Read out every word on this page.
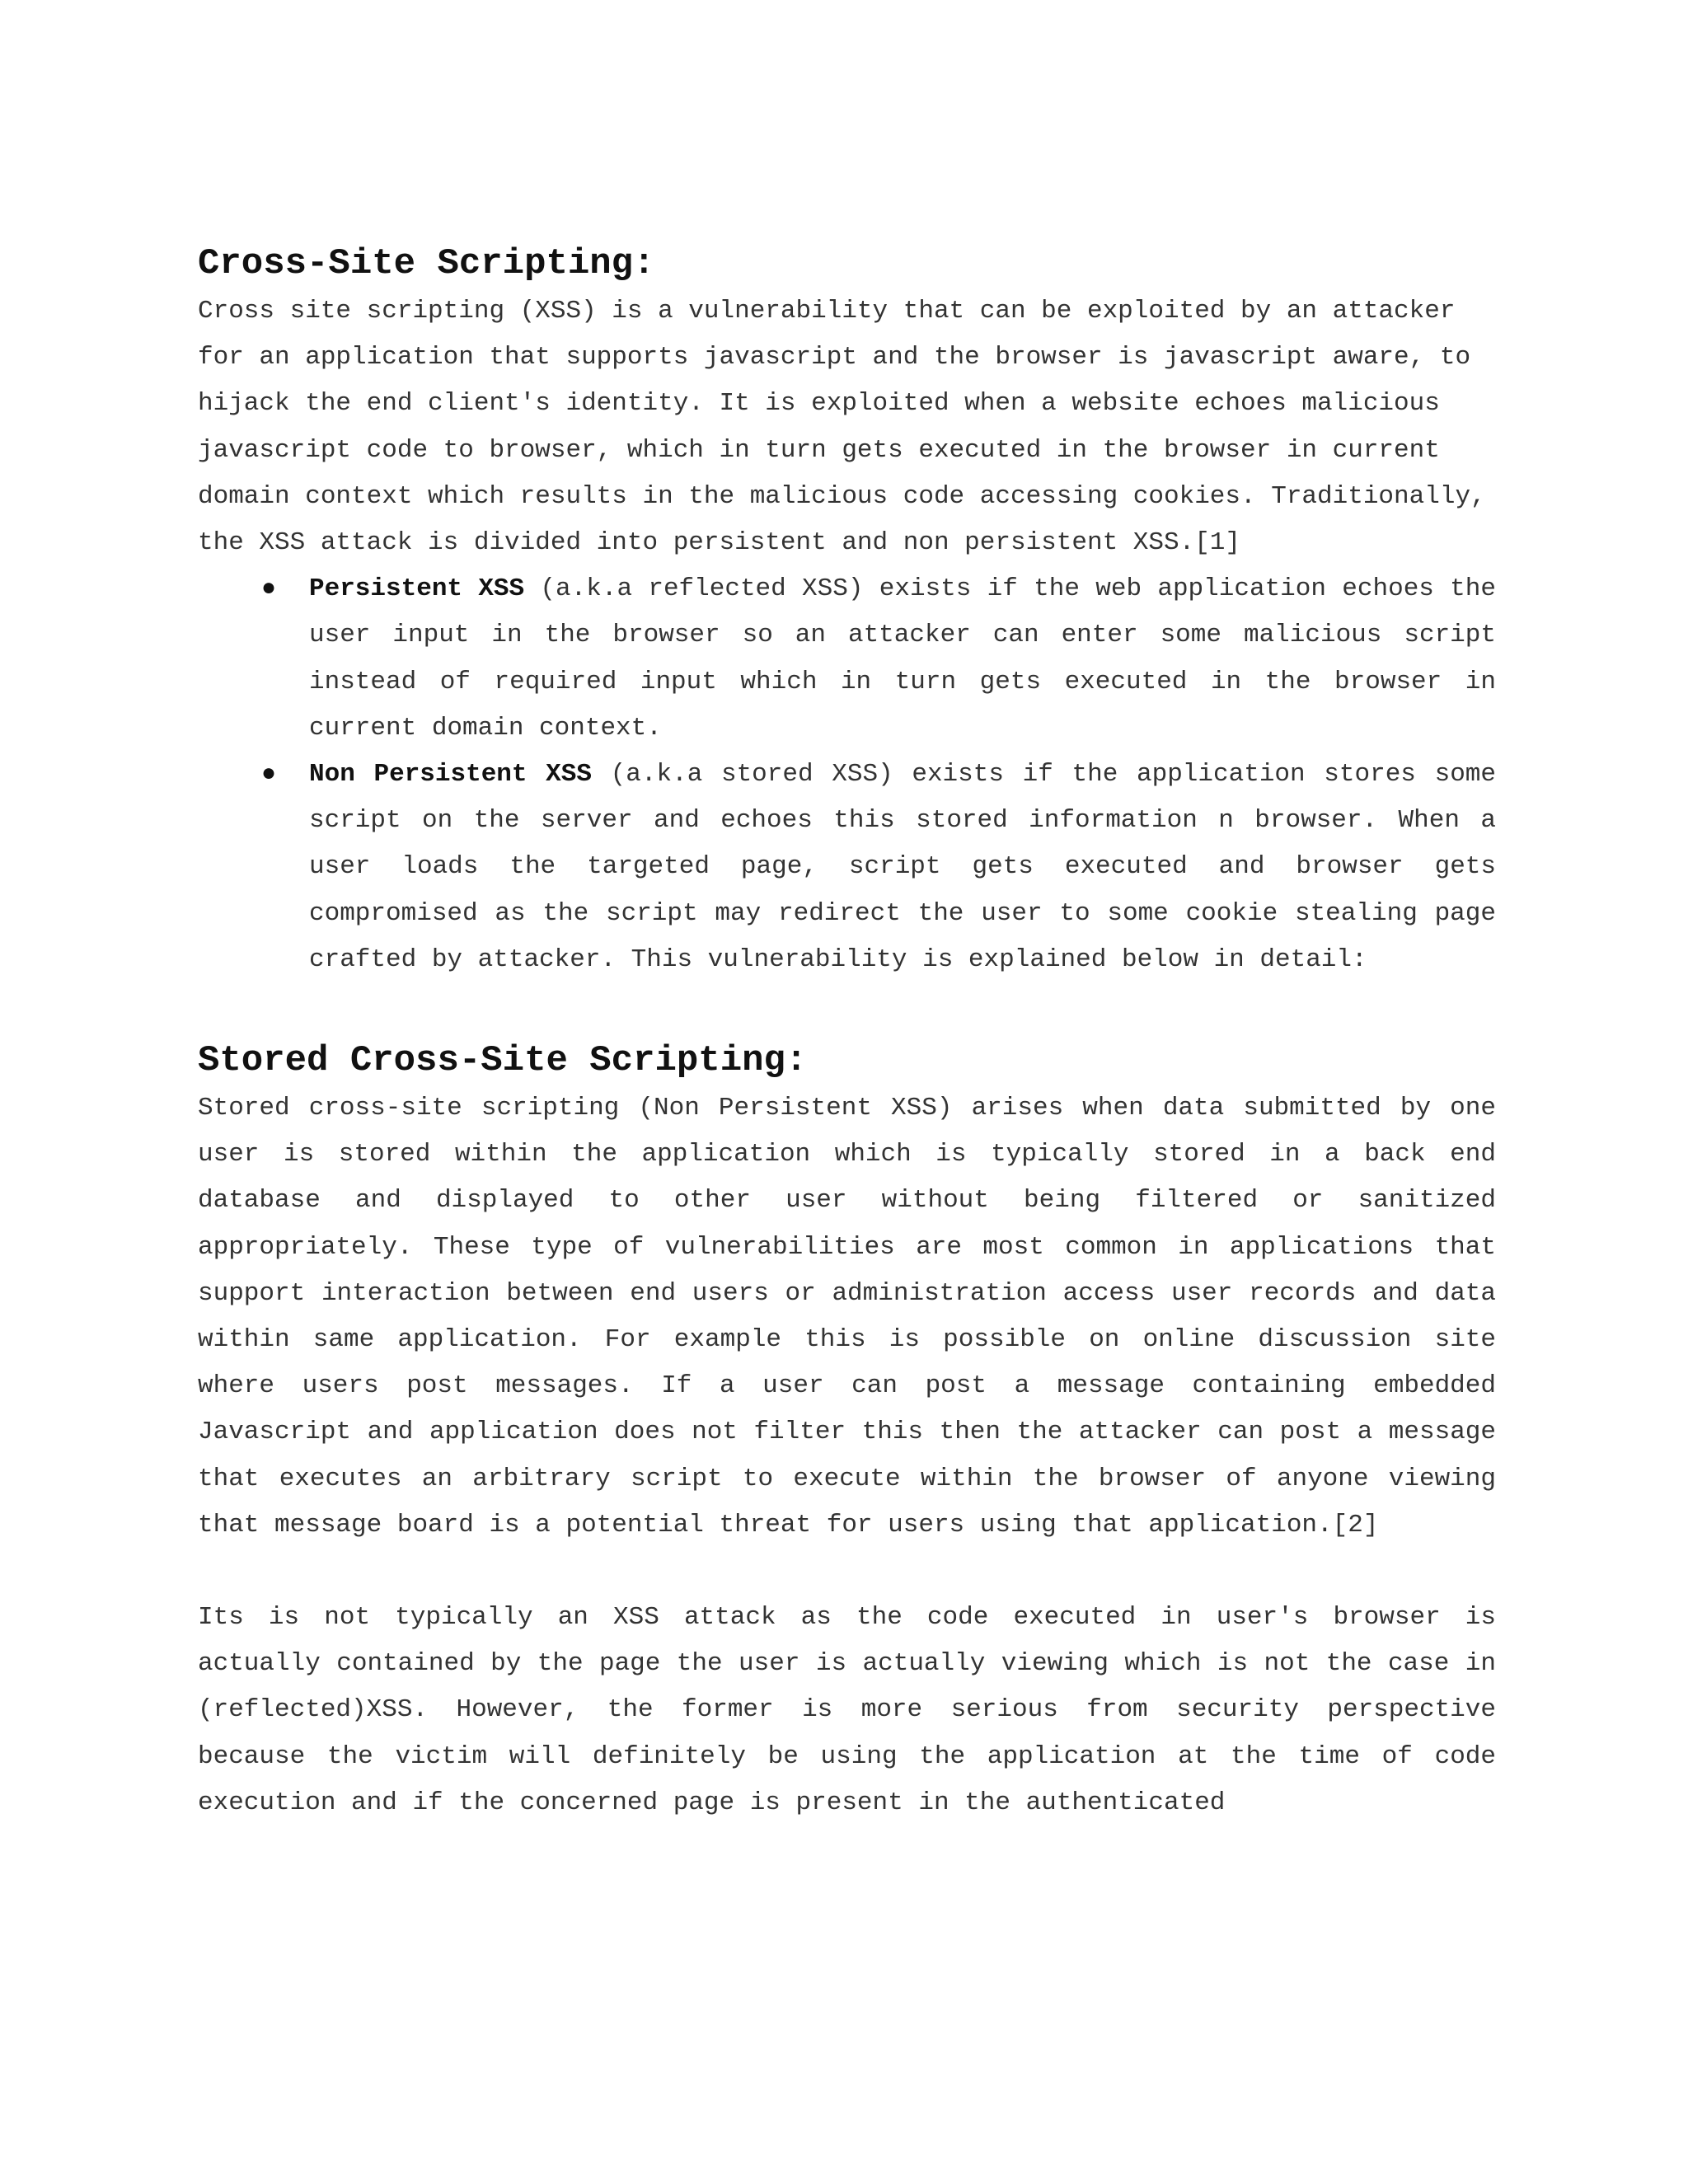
Cross-Site Scripting:

Cross site scripting (XSS) is a vulnerability that can be exploited by an attacker for an application that supports javascript and the browser is javascript aware, to hijack the end client's identity. It is exploited when a website echoes malicious javascript code to browser, which in turn gets executed in the browser in current domain context which results in the malicious code accessing cookies. Traditionally, the XSS attack is divided into persistent and non persistent XSS.[1]

● Persistent XSS (a.k.a reflected XSS) exists if the web application echoes the user input in the browser so an attacker can enter some malicious script instead of required input which in turn gets executed in the browser in current domain context.
● Non Persistent XSS (a.k.a stored XSS) exists if the application stores some script on the server and echoes this stored information n browser. When a user loads the targeted page, script gets executed and browser gets compromised as the script may redirect the user to some cookie stealing page crafted by attacker. This vulnerability is explained below in detail:
Stored Cross-Site Scripting:

Stored cross-site scripting (Non Persistent XSS) arises when data submitted by one user is stored within the application which is typically stored in a back end database and displayed to other user without being filtered or sanitized appropriately. These type of vulnerabilities are most common in applications that support interaction between end users or administration access user records and data within same application. For example this is possible on online discussion site where users post messages. If a user can post a message containing embedded Javascript and application does not filter this then the attacker can post a message that executes an arbitrary script to execute within the browser of anyone viewing that message board is a potential threat for users using that application.[2]

Its is not typically an XSS attack as the code executed in user's browser is actually contained by the page the user is actually viewing which is not the case in (reflected)XSS. However, the former is more serious from security perspective because the victim will definitely be using the application at the time of code execution and if the concerned page is present in the authenticated
